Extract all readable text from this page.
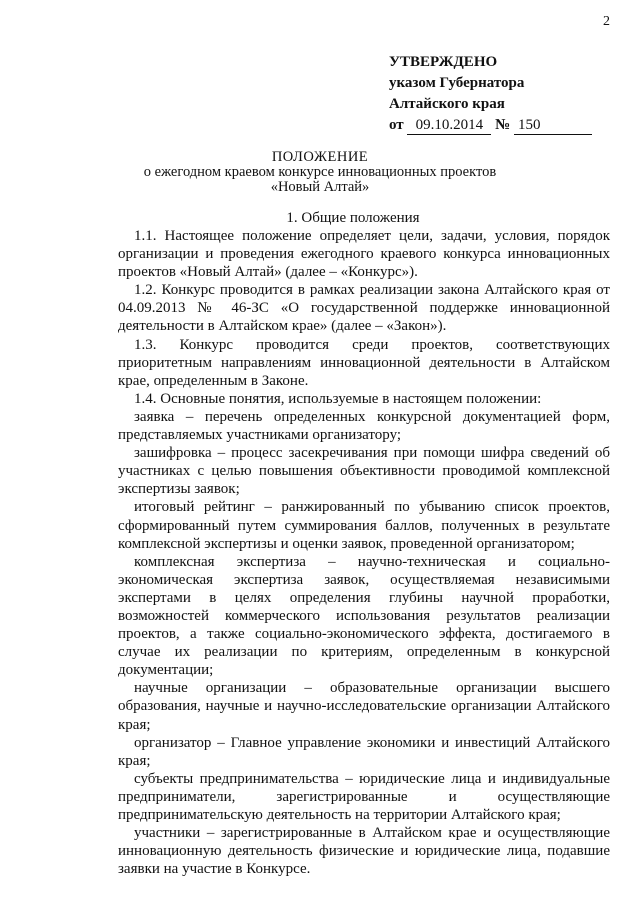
2
УТВЕРЖДЕНО
указом Губернатора
Алтайского края
от 09.10.2014 № 150
ПОЛОЖЕНИЕ
о ежегодном краевом конкурсе инновационных проектов
«Новый Алтай»
1. Общие положения

1.1. Настоящее положение определяет цели, задачи, условия, порядок организации и проведения ежегодного краевого конкурса инновационных проектов «Новый Алтай» (далее – «Конкурс»).

1.2. Конкурс проводится в рамках реализации закона Алтайского края от 04.09.2013 № 46-ЗС «О государственной поддержке инновационной деятельности в Алтайском крае» (далее – «Закон»).

1.3. Конкурс проводится среди проектов, соответствующих приоритетным направлениям инновационной деятельности в Алтайском крае, определенным в Законе.

1.4. Основные понятия, используемые в настоящем положении:

заявка – перечень определенных конкурсной документацией форм, представляемых участниками организатору;

зашифровка – процесс засекречивания при помощи шифра сведений об участниках с целью повышения объективности проводимой комплексной экспертизы заявок;

итоговый рейтинг – ранжированный по убыванию список проектов, сформированный путем суммирования баллов, полученных в результате комплексной экспертизы и оценки заявок, проведенной организатором;

комплексная экспертиза – научно-техническая и социально-экономическая экспертиза заявок, осуществляемая независимыми экспертами в целях определения глубины научной проработки, возможностей коммерческого использования результатов реализации проектов, а также социально-экономического эффекта, достигаемого в случае их реализации по критериям, определенным в конкурсной документации;

научные организации – образовательные организации высшего образования, научные и научно-исследовательские организации Алтайского края;

организатор – Главное управление экономики и инвестиций Алтайского края;

субъекты предпринимательства – юридические лица и индивидуальные предприниматели, зарегистрированные и осуществляющие предпринимательскую деятельность на территории Алтайского края;

участники – зарегистрированные в Алтайском крае и осуществляющие инновационную деятельность физические и юридические лица, подавшие заявки на участие в Конкурсе.
